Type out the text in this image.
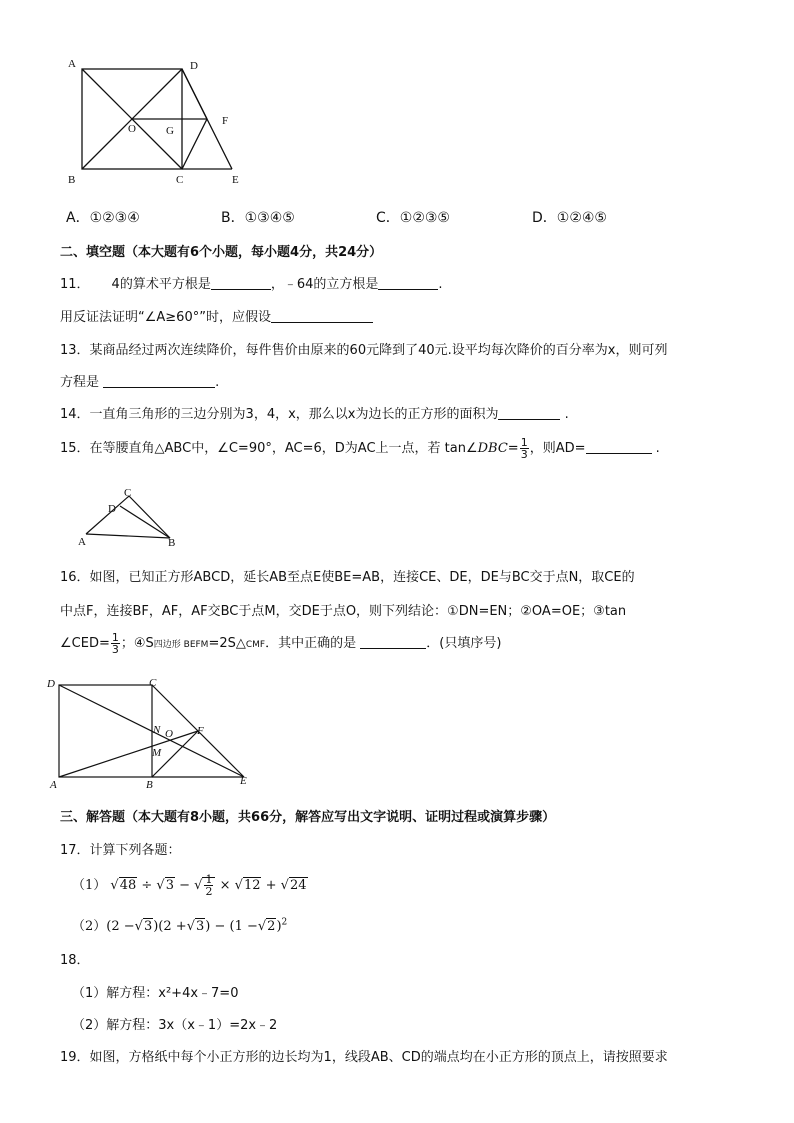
A	D
F
O	G
B	C	E
A．①②③④	B．①③④⑤	C．①②③⑤	D．①②④⑤
二、填空题（本大题有6个小题，每小题4分，共24分）
11． 4的算术平方根是	，﹣64的立方根是	.
用反证法证明“∠A≥60°”时，应假设
13．某商品经过两次连续降价，每件售价由原来的60元降到了40元.设平均每次降价的百分率为x，则可列
方程是	.
14．一直角三角形的三边分别为3，4，x，那么以x为边长的正方形的面积为	.
15．在等腰直角△ABC中，∠C=90°，AC=6，D为AC上一点，若 tan∠DBC= $\frac{1}{3}$ ，则AD=	.
C
D
A	B
16．如图，已知正方形ABCD，延长AB至点E使BE=AB，连接CE、DE，DE与BC交于点N，取CE的
中点F，连接BF，AF，AF交BC于点M，交DE于点O，则下列结论：①DN=EN；②OA=OE；③tan
∠CED= $\frac{1}{3}$ ；④S四边形 BEFM=2S△CMF．其中正确的是	．(只填序号)
D	C
N O F
M
A	B	E
三、解答题（本大题有8小题，共66分，解答应写出文字说明、证明过程或演算步骤）
17．计算下列各题：
（1） √48 ÷ √3 − √ $\frac{1}{2} \times √12 + √24$
$(2)(2 -√3)(2 +√3) - (1 -√2)^2$
18．
（1）解方程：x²+4x﹣7=0
（2）解方程：3x（x﹣1）=2x﹣2
19．如图，方格纸中每个小正方形的边长均为1，线段AB、CD的端点均在小正方形的顶点上，请按照要求
